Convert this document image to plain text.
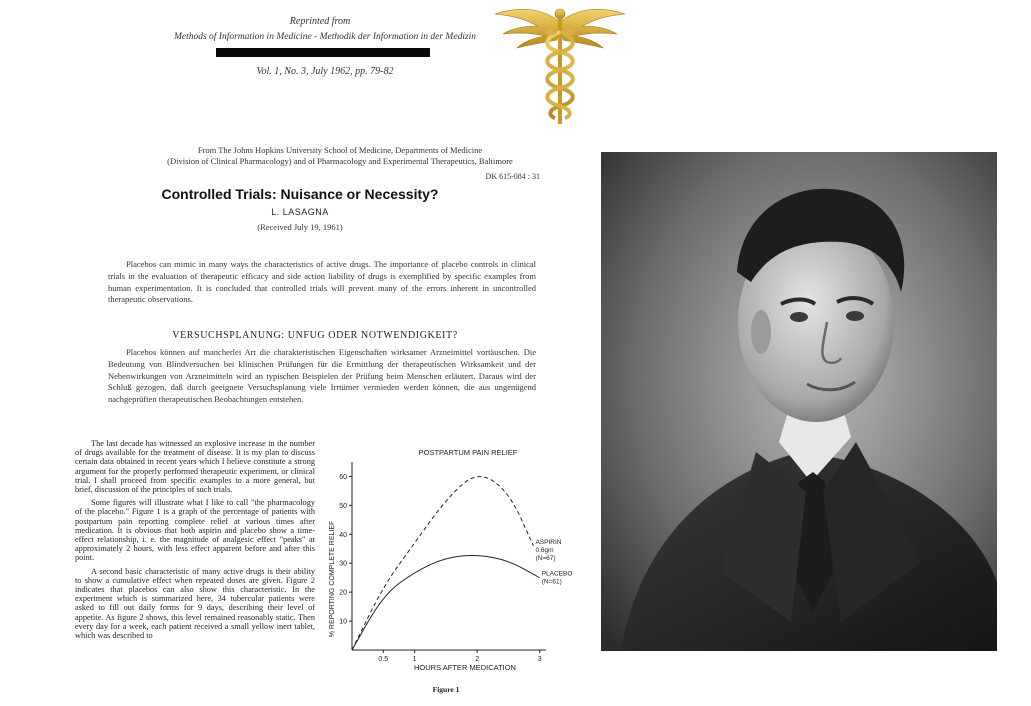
Reprinted from
Methods of Information in Medicine - Methodik der Information in der Medizin
Vol. 1, No. 3, July 1962, pp. 79-82
From The Johns Hopkins University School of Medicine, Departments of Medicine
(Division of Clinical Pharmacology) and of Pharmacology and Experimental Therapeutics, Baltimore
DK 615-084 : 31
Controlled Trials: Nuisance or Necessity?
L. LASAGNA
(Received July 19, 1961)
Placebos can mimic in many ways the characteristics of active drugs. The importance of placebo controls in clinical trials in the evaluation of therapeutic efficacy and side action liability of drugs is exemplified by specific examples from human experimentation. It is concluded that controlled trials will prevent many of the errors inherent in uncontrolled therapeutic observations.
VERSUCHSPLANUNG: UNFUG ODER NOTWENDIGKEIT?
Placebos können auf mancherlei Art die charakteristischen Eigenschaften wirksamer Arzneimittel vortäuschen. Die Bedeutung von Blindversuchen bei klinischen Prüfungen für die Ermittlung der therapeutischen Wirksamkeit und der Nebenwirkungen von Arzneimitteln wird an typischen Beispielen der Prüfung beim Menschen erläutert. Daraus wird der Schluß gezogen, daß durch geeignete Versuchsplanung viele Irrtümer vermieden werden können, die aus ungenügend nachgeprüften therapeutischen Beobachtungen entstehen.

The last decade has witnessed an explosive increase in the number of drugs available for the treatment of disease. It is my plan to discuss certain data obtained in recent years which I believe constitute a strong argument for the properly performed therapeutic experiment, or clinical trial. I shall proceed from specific examples to a more general, but brief, discussion of the principles of such trials.

Some figures will illustrate what I like to call "the pharmacology of the placebo." Figure 1 is a graph of the percentage of patients with postpartum pain reporting complete relief at various times after medication. It is obvious that both aspirin and placebo show a time-effect relationship, i. e. the magnitude of analgesic effect "peaks" at approximately 2 hours, with less effect apparent before and after this point.

A second basic characteristic of many active drugs is their ability to show a cumulative effect when repeated doses are given. Figure 2 indicates that placebos can also show this characteristic. In the experiment which is summarized here, 34 tubercular patients were asked to fill out daily forms for 9 days, describing their level of appetite. As figure 2 shows, this level remained reasonably static. Then every day for a week, each patient received a small yellow inert tablet, which was described to

POSTPARTUM PAIN RELIEF
% REPORTING COMPLETE RELIEF
HOURS AFTER MEDICATION
Figure 1
10
20
30
40
50
60
0.5	1	2	3
ASPIRIN
0.6gm
(N=67)
PLACEBO
(N=61)
